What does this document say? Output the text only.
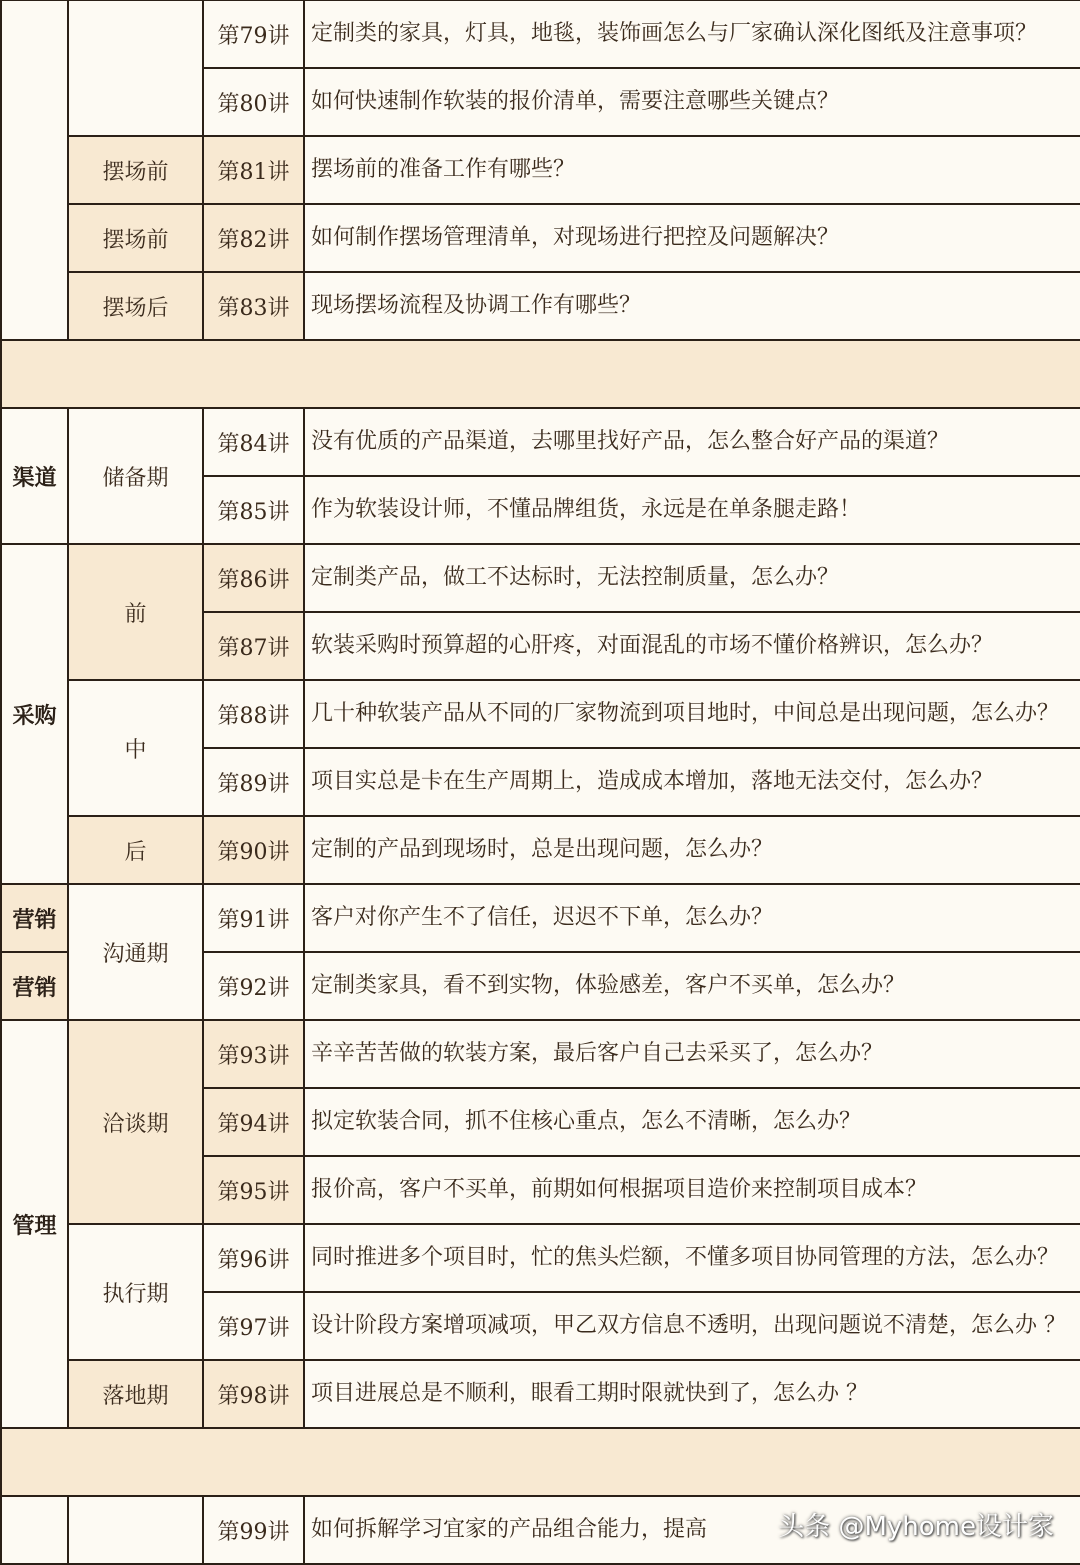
		第79讲	定制类的家具，灯具，地毯，装饰画怎么与厂家确认深化图纸及注意事项？
		第80讲	如何快速制作软装的报价清单，需要注意哪些关键点？
	摆场前	第81讲	摆场前的准备工作有哪些？
	摆场前	第82讲	如何制作摆场管理清单，对现场进行把控及问题解决？
	摆场后	第83讲	现场摆场流程及协调工作有哪些？

渠道	储备期	第84讲	没有优质的产品渠道，去哪里找好产品，怎么整合好产品的渠道？
		第85讲	作为软装设计师，不懂品牌组货，永远是在单条腿走路！
采购	前	第86讲	定制类产品，做工不达标时，无法控制质量，怎么办？
		第87讲	软装采购时预算超的心肝疼，对面混乱的市场不懂价格辨识，怎么办？
	中	第88讲	几十种软装产品从不同的厂家物流到项目地时，中间总是出现问题，怎么办？
		第89讲	项目实总是卡在生产周期上，造成成本增加，落地无法交付，怎么办？
	后	第90讲	定制的产品到现场时，总是出现问题，怎么办？
营销	沟通期	第91讲	客户对你产生不了信任，迟迟不下单，怎么办？
营销		第92讲	定制类家具，看不到实物，体验感差，客户不买单，怎么办？
管理	洽谈期	第93讲	辛辛苦苦做的软装方案，最后客户自己去采买了，怎么办？
		第94讲	拟定软装合同，抓不住核心重点，怎么不清晰，怎么办？
		第95讲	报价高，客户不买单，前期如何根据项目造价来控制项目成本？
	执行期	第96讲	同时推进多个项目时，忙的焦头烂额，不懂多项目协同管理的方法，怎么办？
		第97讲	设计阶段方案增项减项，甲乙双方信息不透明，出现问题说不清楚，怎么办 ？
	落地期	第98讲	项目进展总是不顺利，眼看工期时限就快到了，怎么办 ？

		第99讲	如何拆解学习宜家的产品组合能力，提高	头条 @Myhome设计家
